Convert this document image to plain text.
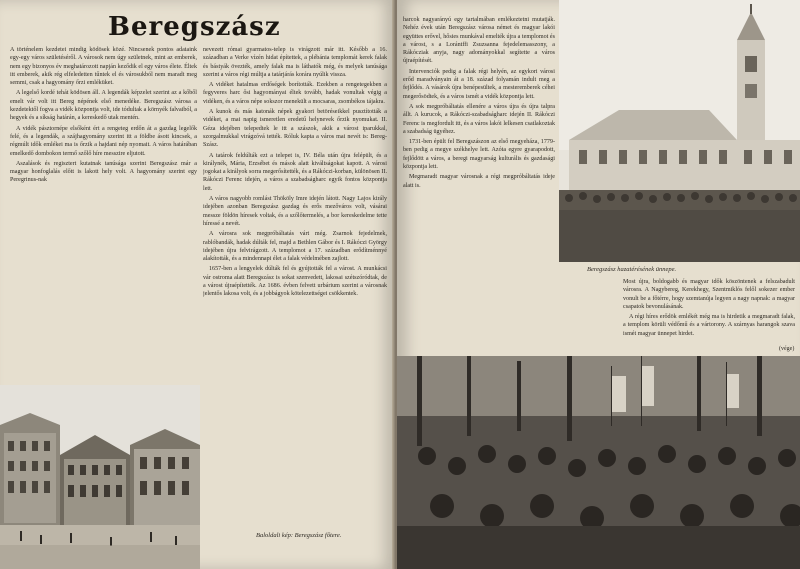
Beregszász

A történelem kezdetei mindig ködösek közé. Nincsenek pontos adataink egy-egy város születéséről. A városok nem úgy születnek, mint az emberek, nem egy bizonyos év meghatározott napján keződik el egy város élete. Éltek itt emberek, akik rég elfeledetten tűntek el és városukból nem maradt meg semmi, csak a hagyomány őrzi emléküket.

A legelső kordé tehát ködösen áll. A legendák képzelet szerint az a kőből emelt vár volt itt Bereg népének első menedéke. Beregszász városa a kezdetektől fogva a vidék központja volt, ide tódultak a környék falvaiból, a hegyek és a síkság határán, a kereskedő utak mentén.

A vidék pásztornépe elsőként ért a rengeteg erdőn át a gazdag legelők felé, és a legendák, a szájhagyomány szerint itt a földbe ásott kincsek, a régmúlt idők emlékei ma is őrzik a hajdani nép nyomait. A város határában emelkedő dombokon termő szőlő híre messzire eljutott.

Aszalások és regisztert kutatnak tanúsága szerint Beregszász már a magyar honfoglalás előtt is lakott hely volt. A hagyomány szerint egy Peregrinus-nak

nevezett római gyarmatos-telep is virágzott már itt. Később a 16. században a Verke vízén hidat építettek, a plébánia templomát kerek falak és bástyák övezték, amely falak ma is láthatók még, és melyek tanúsága szerint a város régi múltja a tatárjárás korára nyúlik vissza.

A vidéket hatalmas erdőségek borították. Ezekben a rengetegekben a fegyveres harc ősi hagyományai éltek tovább, hadak vonultak végig a vidéken, és a város népe sokszor menekült a mocsaras, zsombékos tájakra.

A kunok és más katonák népek gyakori betöréseikkel pusztították a vidéket, a mai napig ismeretlen eredetű helynevek őrzik nyomukat. II. Géza idejében telepedtek le itt a szászok, akik a várost iparukkal, szorgalmukkal virágzóvá tették. Róluk kapta a város mai nevét is: Bereg-Szász.

A tatárok feldúlták ezt a telepet is, IV. Béla után újra felépült, és a királynék, Mária, Erzsébet és mások alatt kiváltságokat kapott. A városi jogokat a királyok sorra megerősítették, és a Rákóczi-korban, különösen II. Rákóczi Ferenc idején, a város a szabadságharc egyik fontos központja lett.

A város nagyobb romlást Thököly Imre idején látott. Nagy Lajos király idejében azonban Beregszász gazdag és erős mezőváros volt, vásárai messze földön híresek voltak, és a szőlőtermelés, a bor kereskedelme tette híressé a nevét.

A városra sok megpróbáltatás várt még. Zsarnok fejedelmek, rablóbandák, hadak dúlták fel, majd a Bethlen Gábor és I. Rákóczi György idejében újra felvirágzott. A templomot a 17. században erődítménnyé alakították, és a mindennapi élet a falak védelmében zajlott.

1657-ben a lengyelek dúlták fel és gyújtották fel a várost. A munkácsi vár ostroma alatt Beregszász is sokat szenvedett, lakosai szétszóródtak, de a várost újraépítették. Az 1686. évben felvett urbárium szerint a városnak jelentős lakosa volt, és a jobbágyok kötelezettségei csökkentek.

Baloldali kép: Beregszász főtere.

harcok nagyarányú egy tartalmában emlékeztetni mutatják. Nehéz évek után Beregszász városa német és magyar lakói együttes erővel, hősies munkával emelték újra a templomot és a várost, s a Lorántffi Zsuzsanna fejedelemasszony, a Rákócziak anyja, nagy adományokkal segítette a város újraépítését.

Intervenciók pedig a falak régi helyén, az egykori városi erőd maradványain át a 18. század folyamán indult meg a fejlődés. A vásárok újra benépesültek, a mesteremberek céhei megerősödtek, és a város ismét a vidék központja lett.

A sok megpróbáltatás ellenére a város újra és újra talpra állt. A kurucok, a Rákóczi-szabadságharc idején II. Rákóczi Ferenc is megfordult itt, és a város lakói lelkesen csatlakoztak a szabadság ügyéhez.

1731-ben épült fel Beregszászon az első megyeháza, 1779-ben pedig a megye székhelye lett. Azóta egyre gyarapodott, fejlődött a város, a beregi magyarság kulturális és gazdasági központja lett.

Megmaradt magyar városnak a régi megpróbáltatás ideje alatt is.

Beregszász hazatérésének ünnepe.

Most újra, boldogabb és magyar idők köszöntenek a felszabadult városra. A Nagybereg, Kerekhegy, Szentmiklós felől sokezer ember vonult be a főtérre, hogy szemtanúja legyen a nagy napnak: a magyar csapatok bevonulásának.

A régi híres erődök emlékét még ma is hirdetik a megmaradt falak, a templom körüli védőmű és a vártorony. A szárnyas harangok szava ismét magyar ünnepet hirdet.

(vége)
